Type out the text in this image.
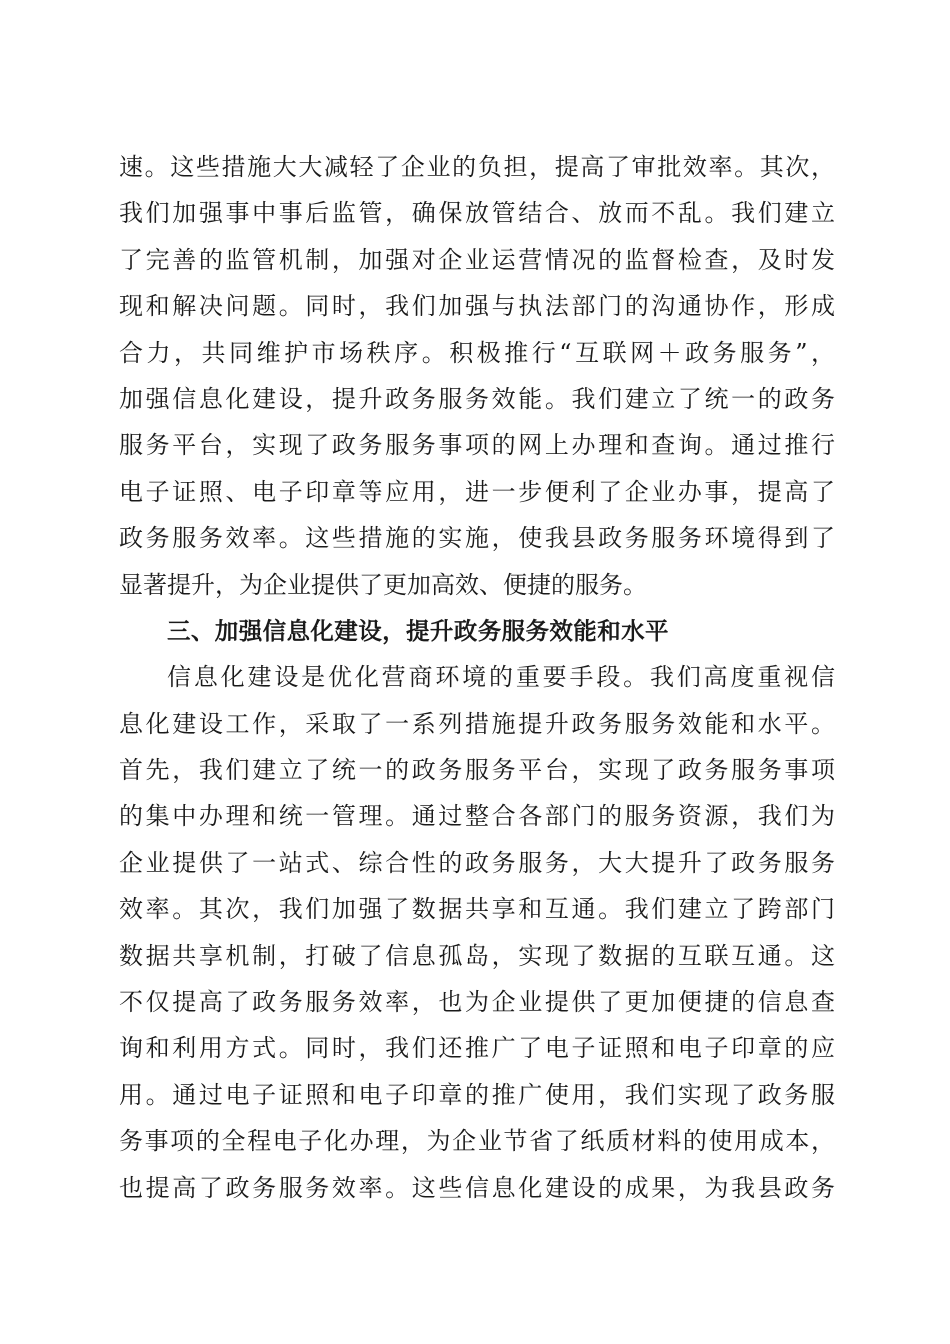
速。这些措施大大减轻了企业的负担，提高了审批效率。其次，
我们加强事中事后监管，确保放管结合、放而不乱。我们建立
了完善的监管机制，加强对企业运营情况的监督检查，及时发
现和解决问题。同时，我们加强与执法部门的沟通协作，形成
合力，共同维护市场秩序。积极推行“互联网＋政务服务”，
加强信息化建设，提升政务服务效能。我们建立了统一的政务
服务平台，实现了政务服务事项的网上办理和查询。通过推行
电子证照、电子印章等应用，进一步便利了企业办事，提高了
政务服务效率。这些措施的实施，使我县政务服务环境得到了
显著提升，为企业提供了更加高效、便捷的服务。
三、加强信息化建设，提升政务服务效能和水平
信息化建设是优化营商环境的重要手段。我们高度重视信
息化建设工作，采取了一系列措施提升政务服务效能和水平。
首先，我们建立了统一的政务服务平台，实现了政务服务事项
的集中办理和统一管理。通过整合各部门的服务资源，我们为
企业提供了一站式、综合性的政务服务，大大提升了政务服务
效率。其次，我们加强了数据共享和互通。我们建立了跨部门
数据共享机制，打破了信息孤岛，实现了数据的互联互通。这
不仅提高了政务服务效率，也为企业提供了更加便捷的信息查
询和利用方式。同时，我们还推广了电子证照和电子印章的应
用。通过电子证照和电子印章的推广使用，我们实现了政务服
务事项的全程电子化办理，为企业节省了纸质材料的使用成本，
也提高了政务服务效率。这些信息化建设的成果，为我县政务
